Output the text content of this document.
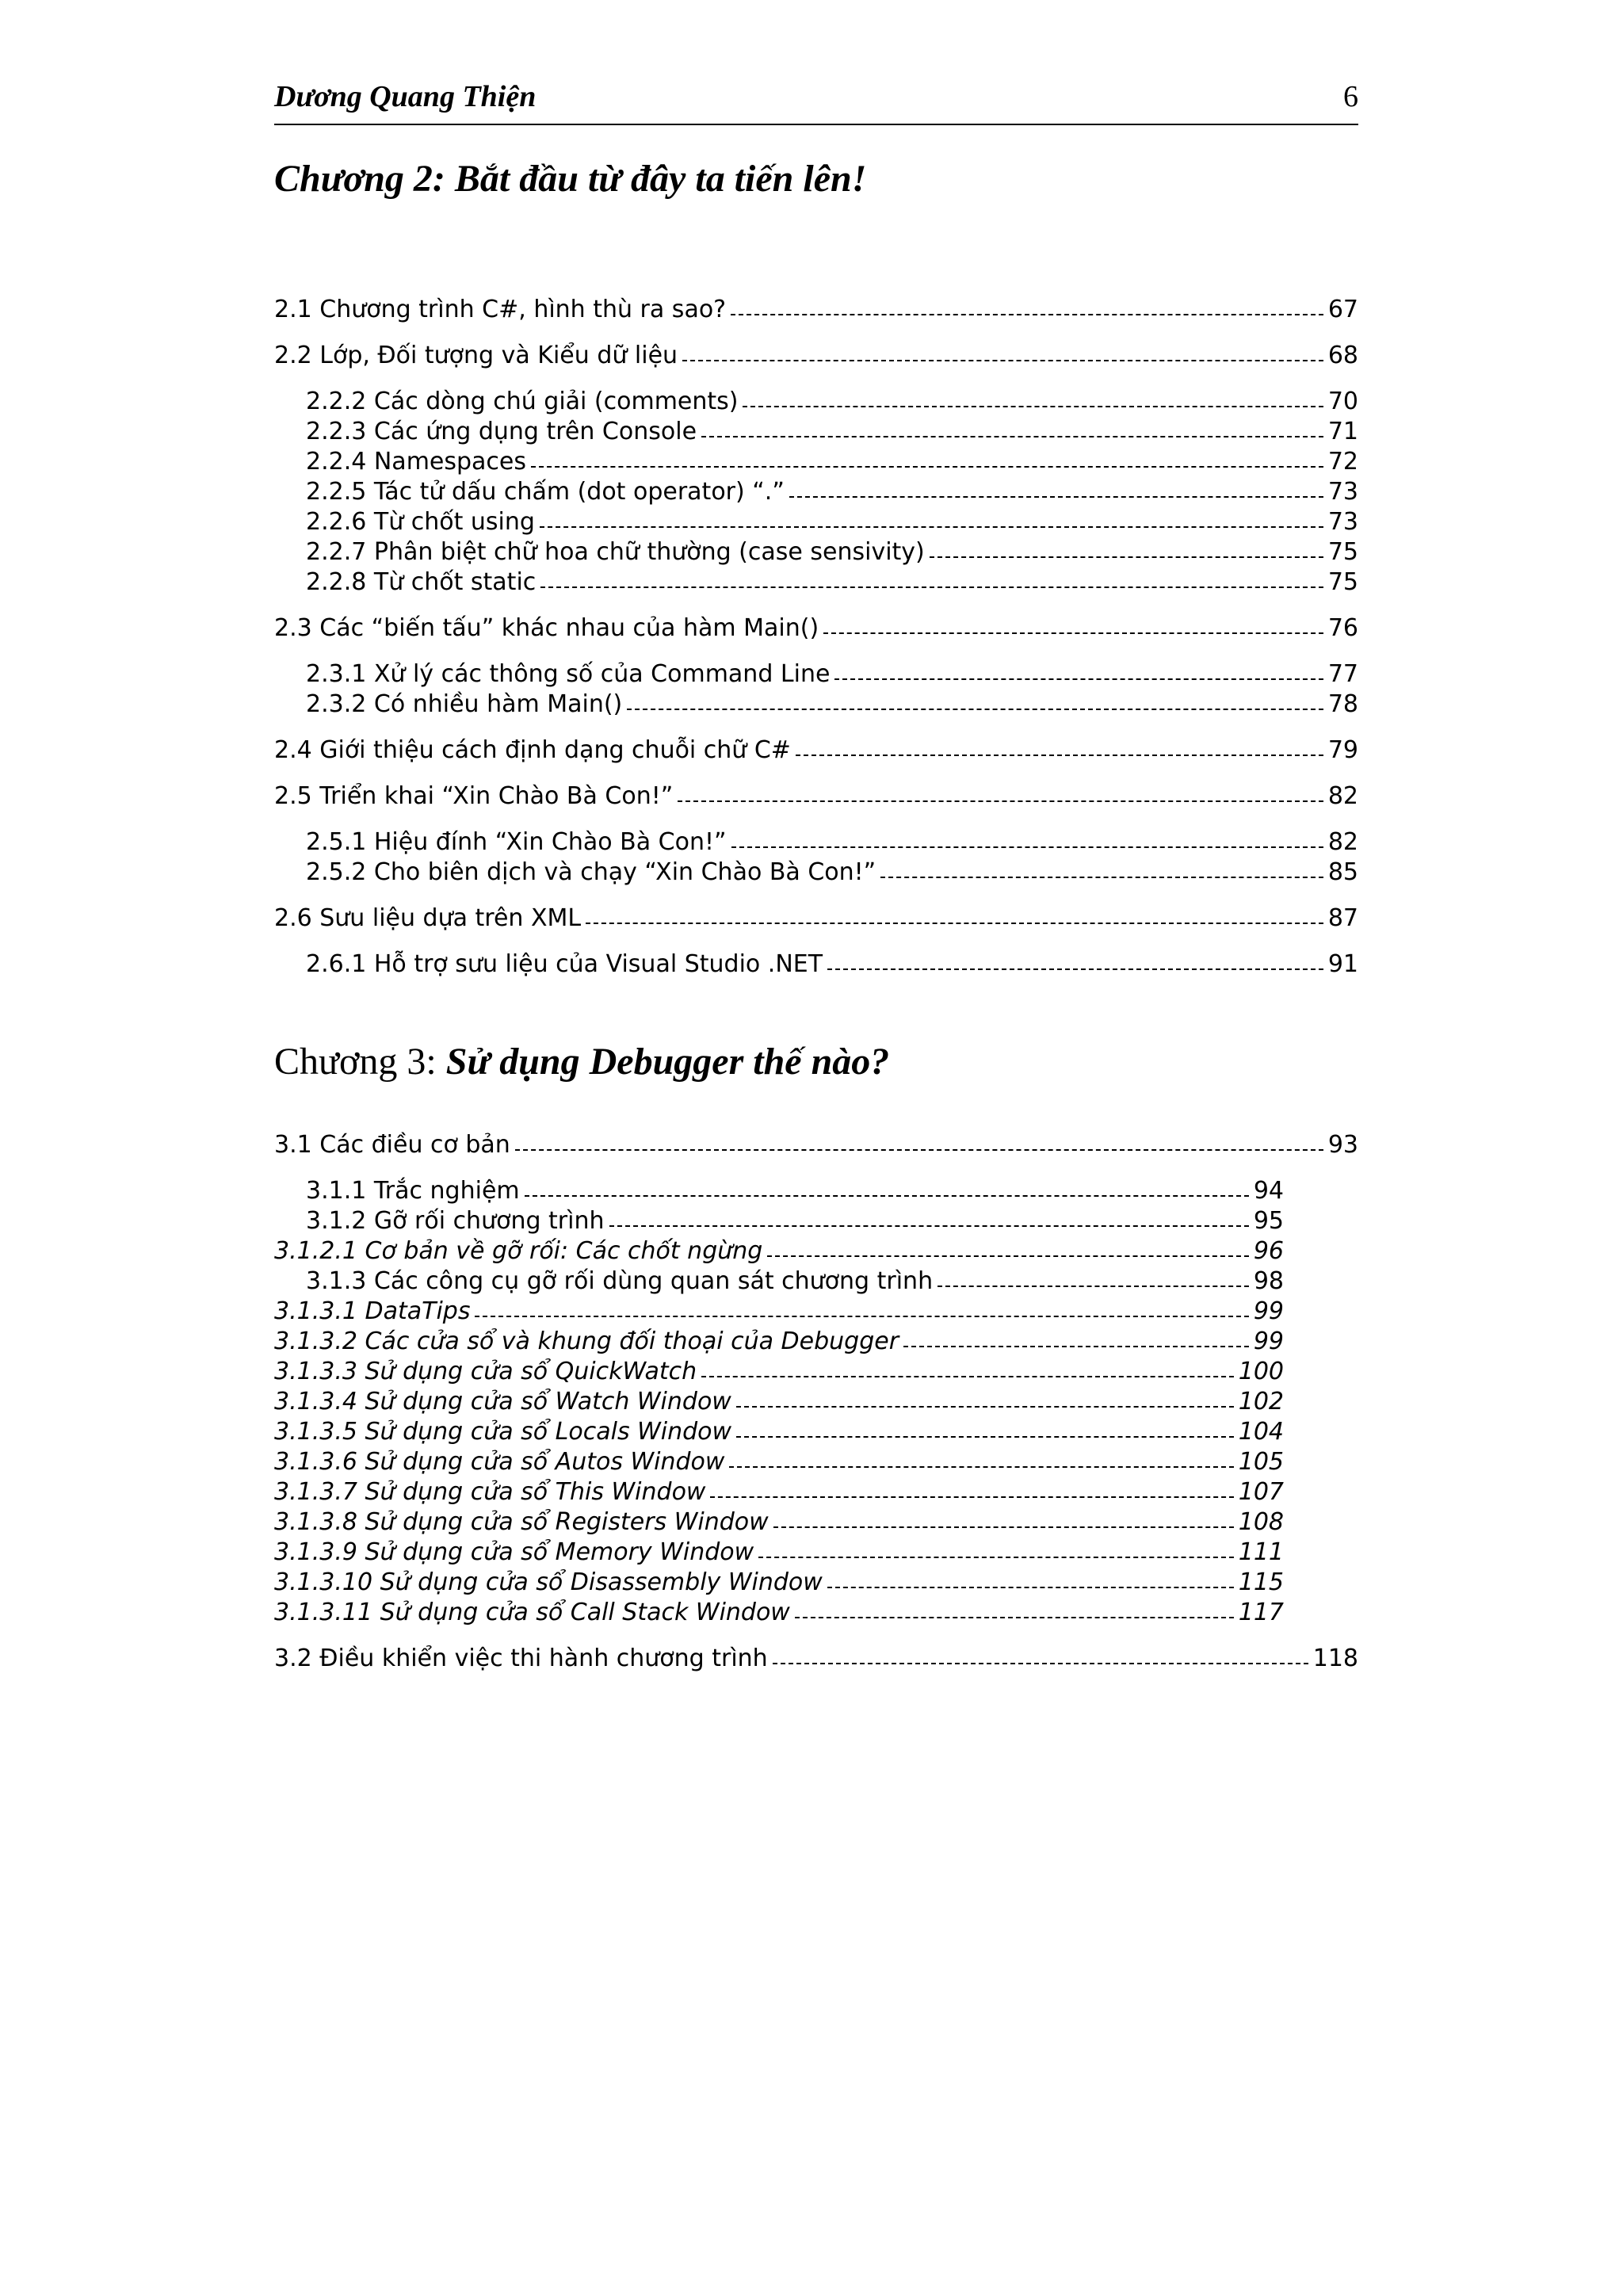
Dương Quang Thiện	6
Chương 2: Bắt đầu từ đây ta tiến lên!
2.1 Chương trình C#, hình thù ra sao?	67
2.2 Lớp, Đối tượng và Kiểu dữ liệu	68
2.2.2 Các dòng chú giải (comments)	70
2.2.3 Các ứng dụng trên Console	71
2.2.4 Namespaces	72
2.2.5 Tác tử dấu chấm (dot operator) “.”	73
2.2.6 Từ chốt using	73
2.2.7 Phân biệt chữ hoa chữ thường (case sensivity)	75
2.2.8 Từ chốt static	75
2.3 Các “biến tấu” khác nhau của hàm Main()	76
2.3.1 Xử lý các thông số của Command Line	77
2.3.2 Có nhiều hàm Main()	78
2.4 Giới thiệu cách định dạng chuỗi chữ C#	79
2.5 Triển khai “Xin Chào Bà Con!”	82
2.5.1 Hiệu đính “Xin Chào Bà Con!”	82
2.5.2 Cho biên dịch và chạy “Xin Chào Bà Con!”	85
2.6 Sưu liệu dựa trên XML	87
2.6.1 Hỗ trợ sưu liệu của Visual Studio .NET	91
Chương 3: Sử dụng Debugger thế nào?
3.1 Các điều cơ bản	93
3.1.1 Trắc nghiệm	94
3.1.2 Gỡ rối chương trình	95
3.1.2.1 Cơ bản về gỡ rối: Các chốt ngừng	96
3.1.3 Các công cụ gỡ rối dùng quan sát chương trình	98
3.1.3.1 DataTips	99
3.1.3.2 Các cửa sổ và khung đối thoại của Debugger	99
3.1.3.3 Sử dụng cửa sổ QuickWatch	100
3.1.3.4 Sử dụng cửa sổ Watch Window	102
3.1.3.5 Sử dụng cửa sổ Locals Window	104
3.1.3.6 Sử dụng cửa sổ Autos Window	105
3.1.3.7 Sử dụng cửa sổ This Window	107
3.1.3.8 Sử dụng cửa sổ Registers Window	108
3.1.3.9 Sử dụng cửa sổ Memory Window	111
3.1.3.10 Sử dụng cửa sổ Disassembly Window	115
3.1.3.11 Sử dụng cửa sổ Call Stack Window	117
3.2 Điều khiển việc thi hành chương trình	118
